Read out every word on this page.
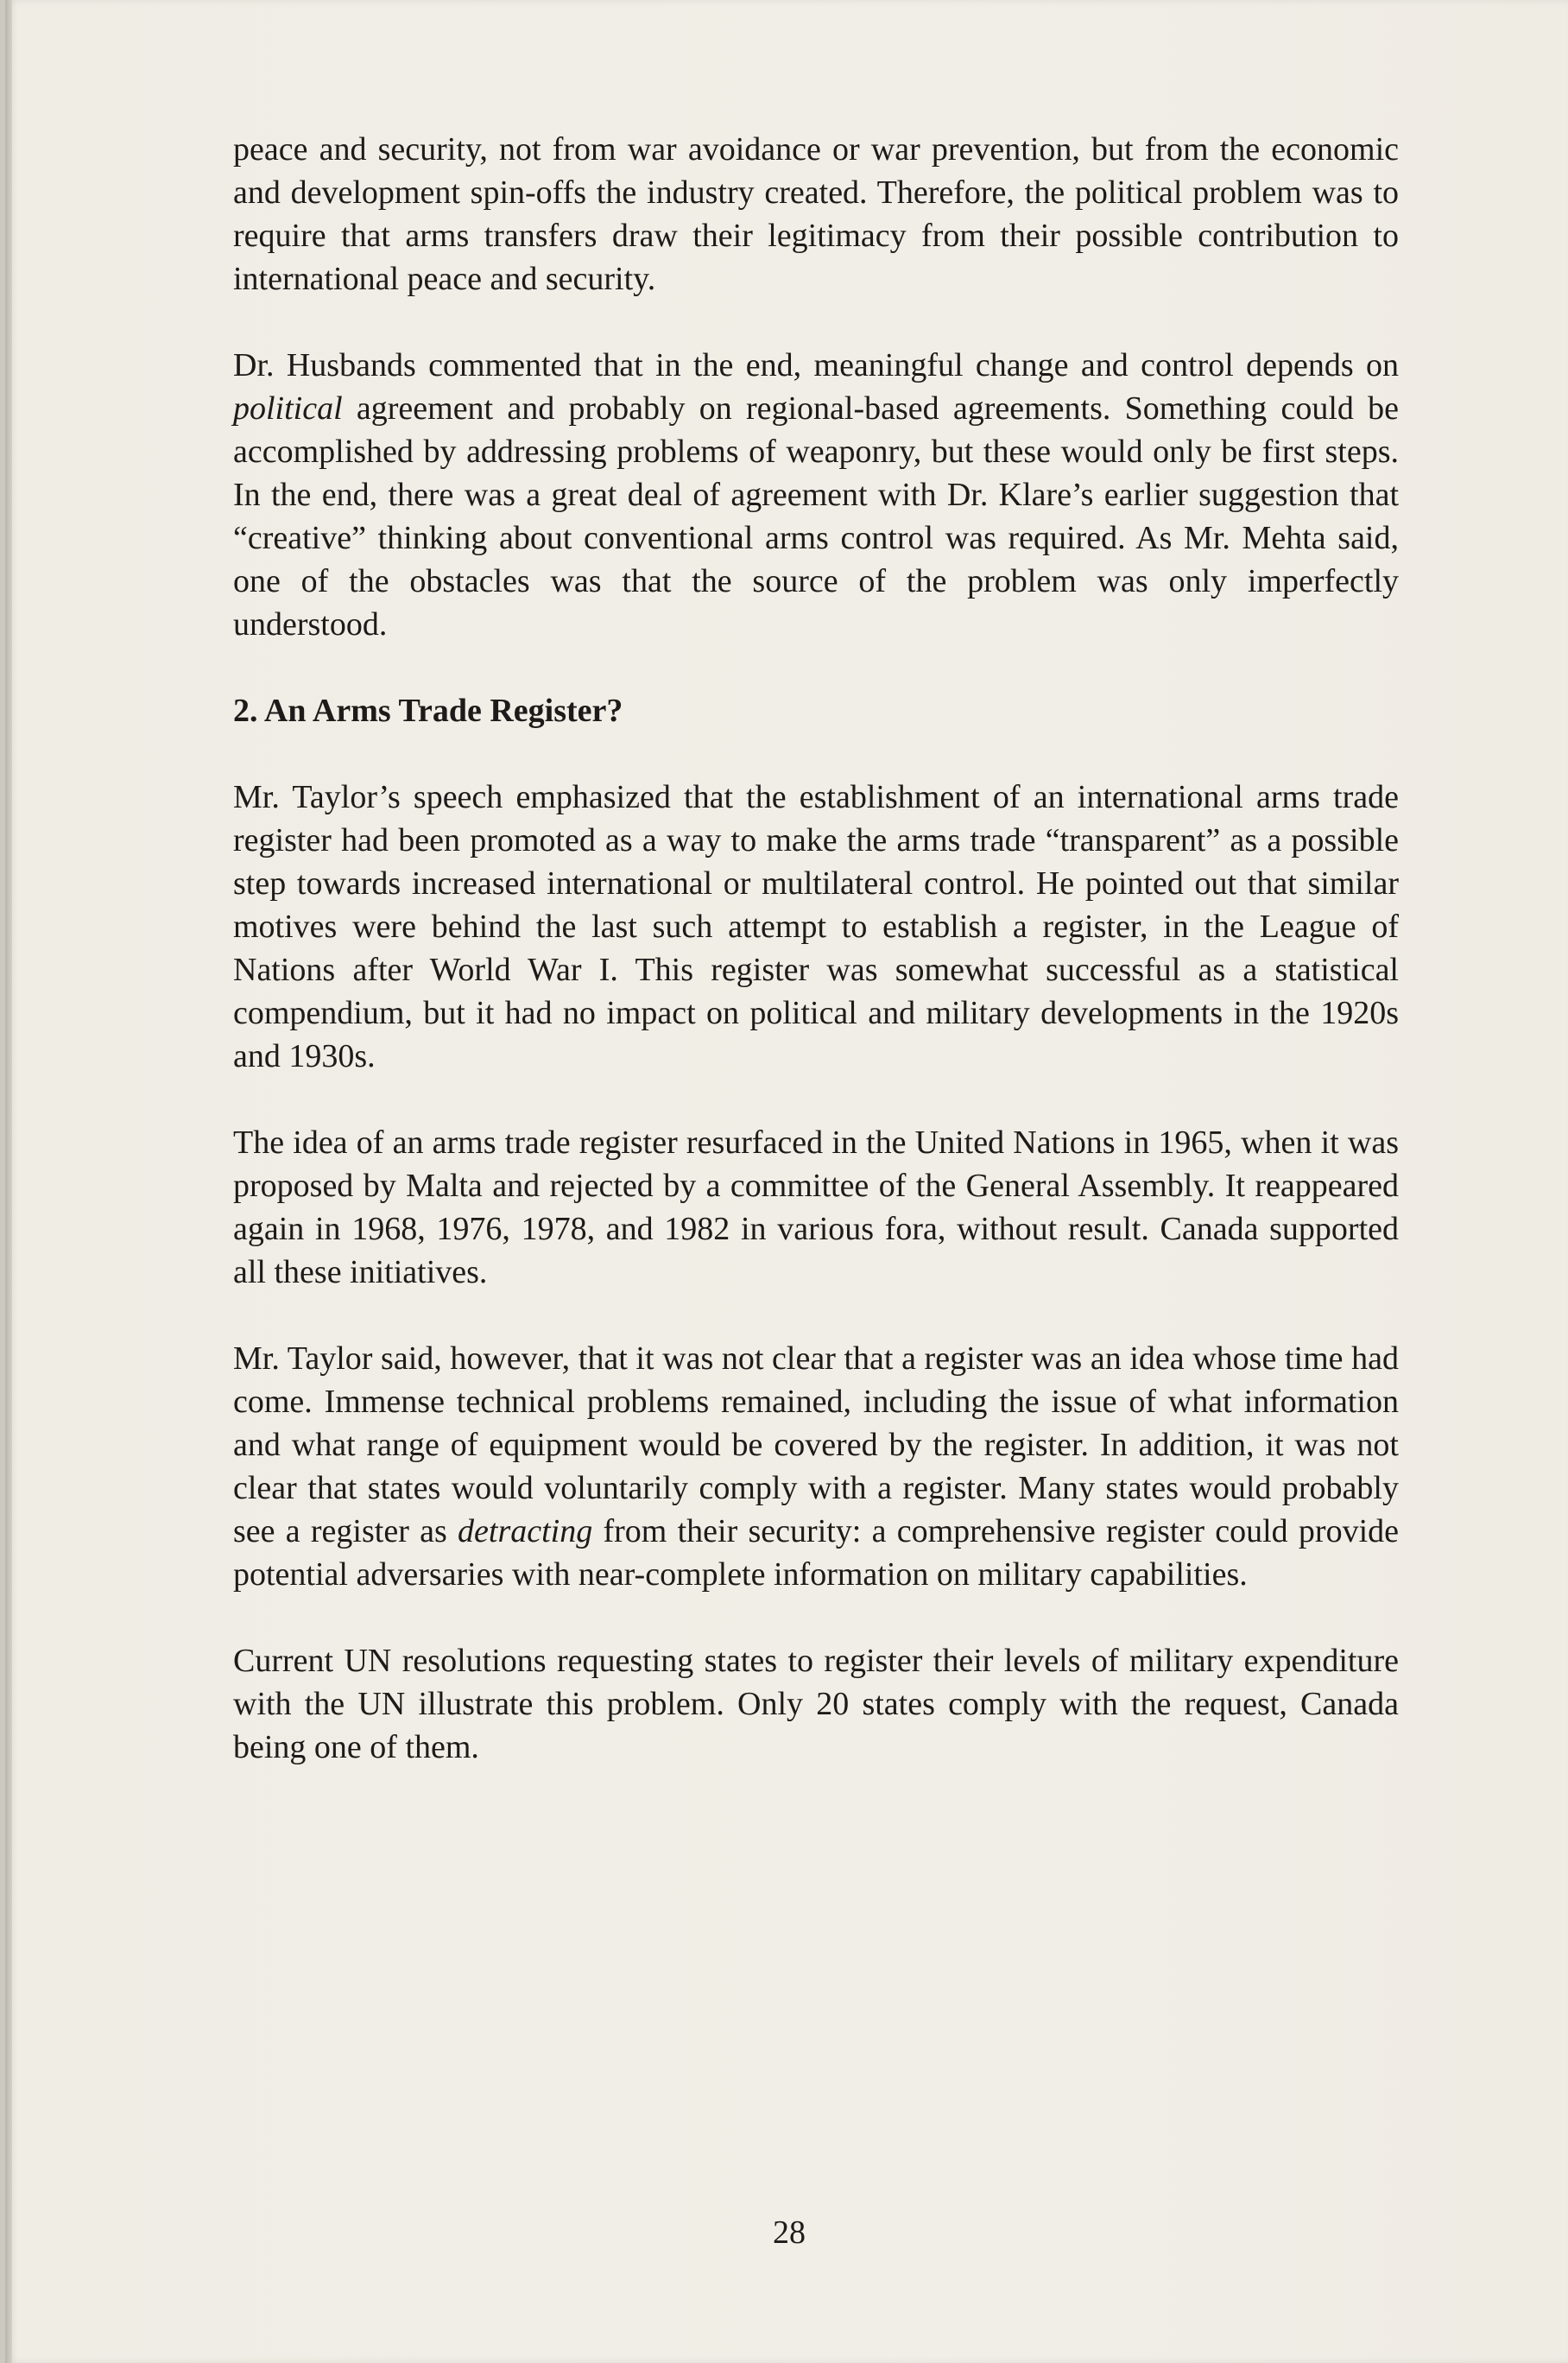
peace and security, not from war avoidance or war prevention, but from the economic and development spin-offs the industry created. Therefore, the political problem was to require that arms transfers draw their legitimacy from their possible contribution to international peace and security.

Dr. Husbands commented that in the end, meaningful change and control depends on political agreement and probably on regional-based agreements. Something could be accomplished by addressing problems of weaponry, but these would only be first steps. In the end, there was a great deal of agreement with Dr. Klare’s earlier suggestion that “creative” thinking about conventional arms control was required. As Mr. Mehta said, one of the obstacles was that the source of the problem was only imperfectly understood.

2. An Arms Trade Register?

Mr. Taylor’s speech emphasized that the establishment of an international arms trade register had been promoted as a way to make the arms trade “transparent” as a possible step towards increased international or multilateral control. He pointed out that similar motives were behind the last such attempt to establish a register, in the League of Nations after World War I. This register was somewhat successful as a statistical compendium, but it had no impact on political and military developments in the 1920s and 1930s.

The idea of an arms trade register resurfaced in the United Nations in 1965, when it was proposed by Malta and rejected by a committee of the General Assembly. It reappeared again in 1968, 1976, 1978, and 1982 in various fora, without result. Canada supported all these initiatives.

Mr. Taylor said, however, that it was not clear that a register was an idea whose time had come. Immense technical problems remained, including the issue of what information and what range of equipment would be covered by the register. In addition, it was not clear that states would voluntarily comply with a register. Many states would probably see a register as detracting from their security: a comprehensive register could provide potential adversaries with near-complete information on military capabilities.

Current UN resolutions requesting states to register their levels of military expenditure with the UN illustrate this problem. Only 20 states comply with the request, Canada being one of them.

28
